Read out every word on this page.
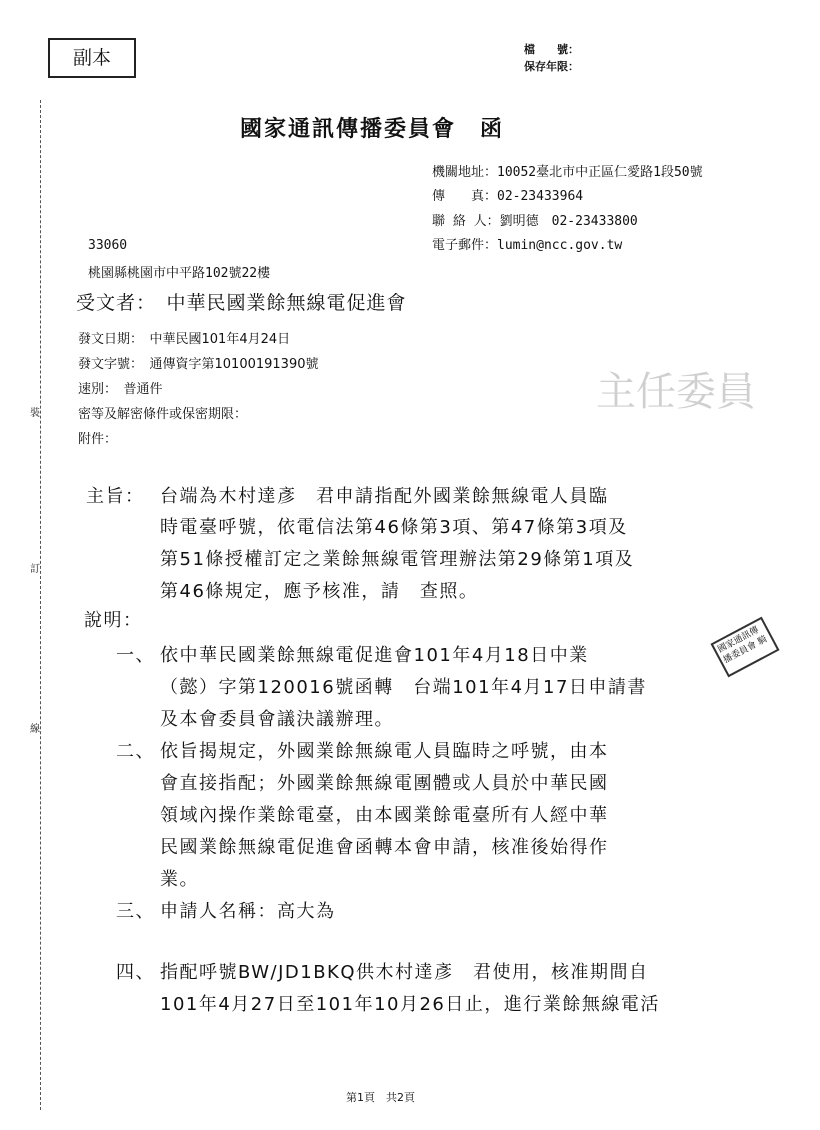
主任委員
裝
訂
線
副本	檔　　號：
保存年限：
國家通訊傳播委員會　函
機關地址：10052臺北市中正區仁愛路1段50號
傳　　真：02-23433964
聯 絡 人：劉明德　02-23433800
電子郵件：lumin@ncc.gov.tw
33060
桃園縣桃園市中平路102號22樓
受文者：　中華民國業餘無線電促進會
發文日期：　中華民國101年4月24日
發文字號：　通傳資字第10100191390號
速別：　普通件
密等及解密條件或保密期限：
附件：
主旨： 台端為木村達彥　君申請指配外國業餘無線電人員臨
時電臺呼號，依電信法第46條第3項、第47條第3項及
第51條授權訂定之業餘無線電管理辦法第29條第1項及
第46條規定，應予核准，請　查照。
說明：
一、 依中華民國業餘無線電促進會101年4月18日中業
（懿）字第120016號函轉　台端101年4月17日申請書
及本會委員會議決議辦理。
二、 依旨揭規定，外國業餘無線電人員臨時之呼號，由本
會直接指配；外國業餘無線電團體或人員於中華民國
領域內操作業餘電臺，由本國業餘電臺所有人經中華
民國業餘無線電促進會函轉本會申請，核准後始得作
業。
三、 申請人名稱：高大為
四、 指配呼號BW/JD1BKQ供木村達彥　君使用，核准期間自
101年4月27日至101年10月26日止，進行業餘無線電活
國家通訊傳播委員會 騎
第1頁　共2頁
